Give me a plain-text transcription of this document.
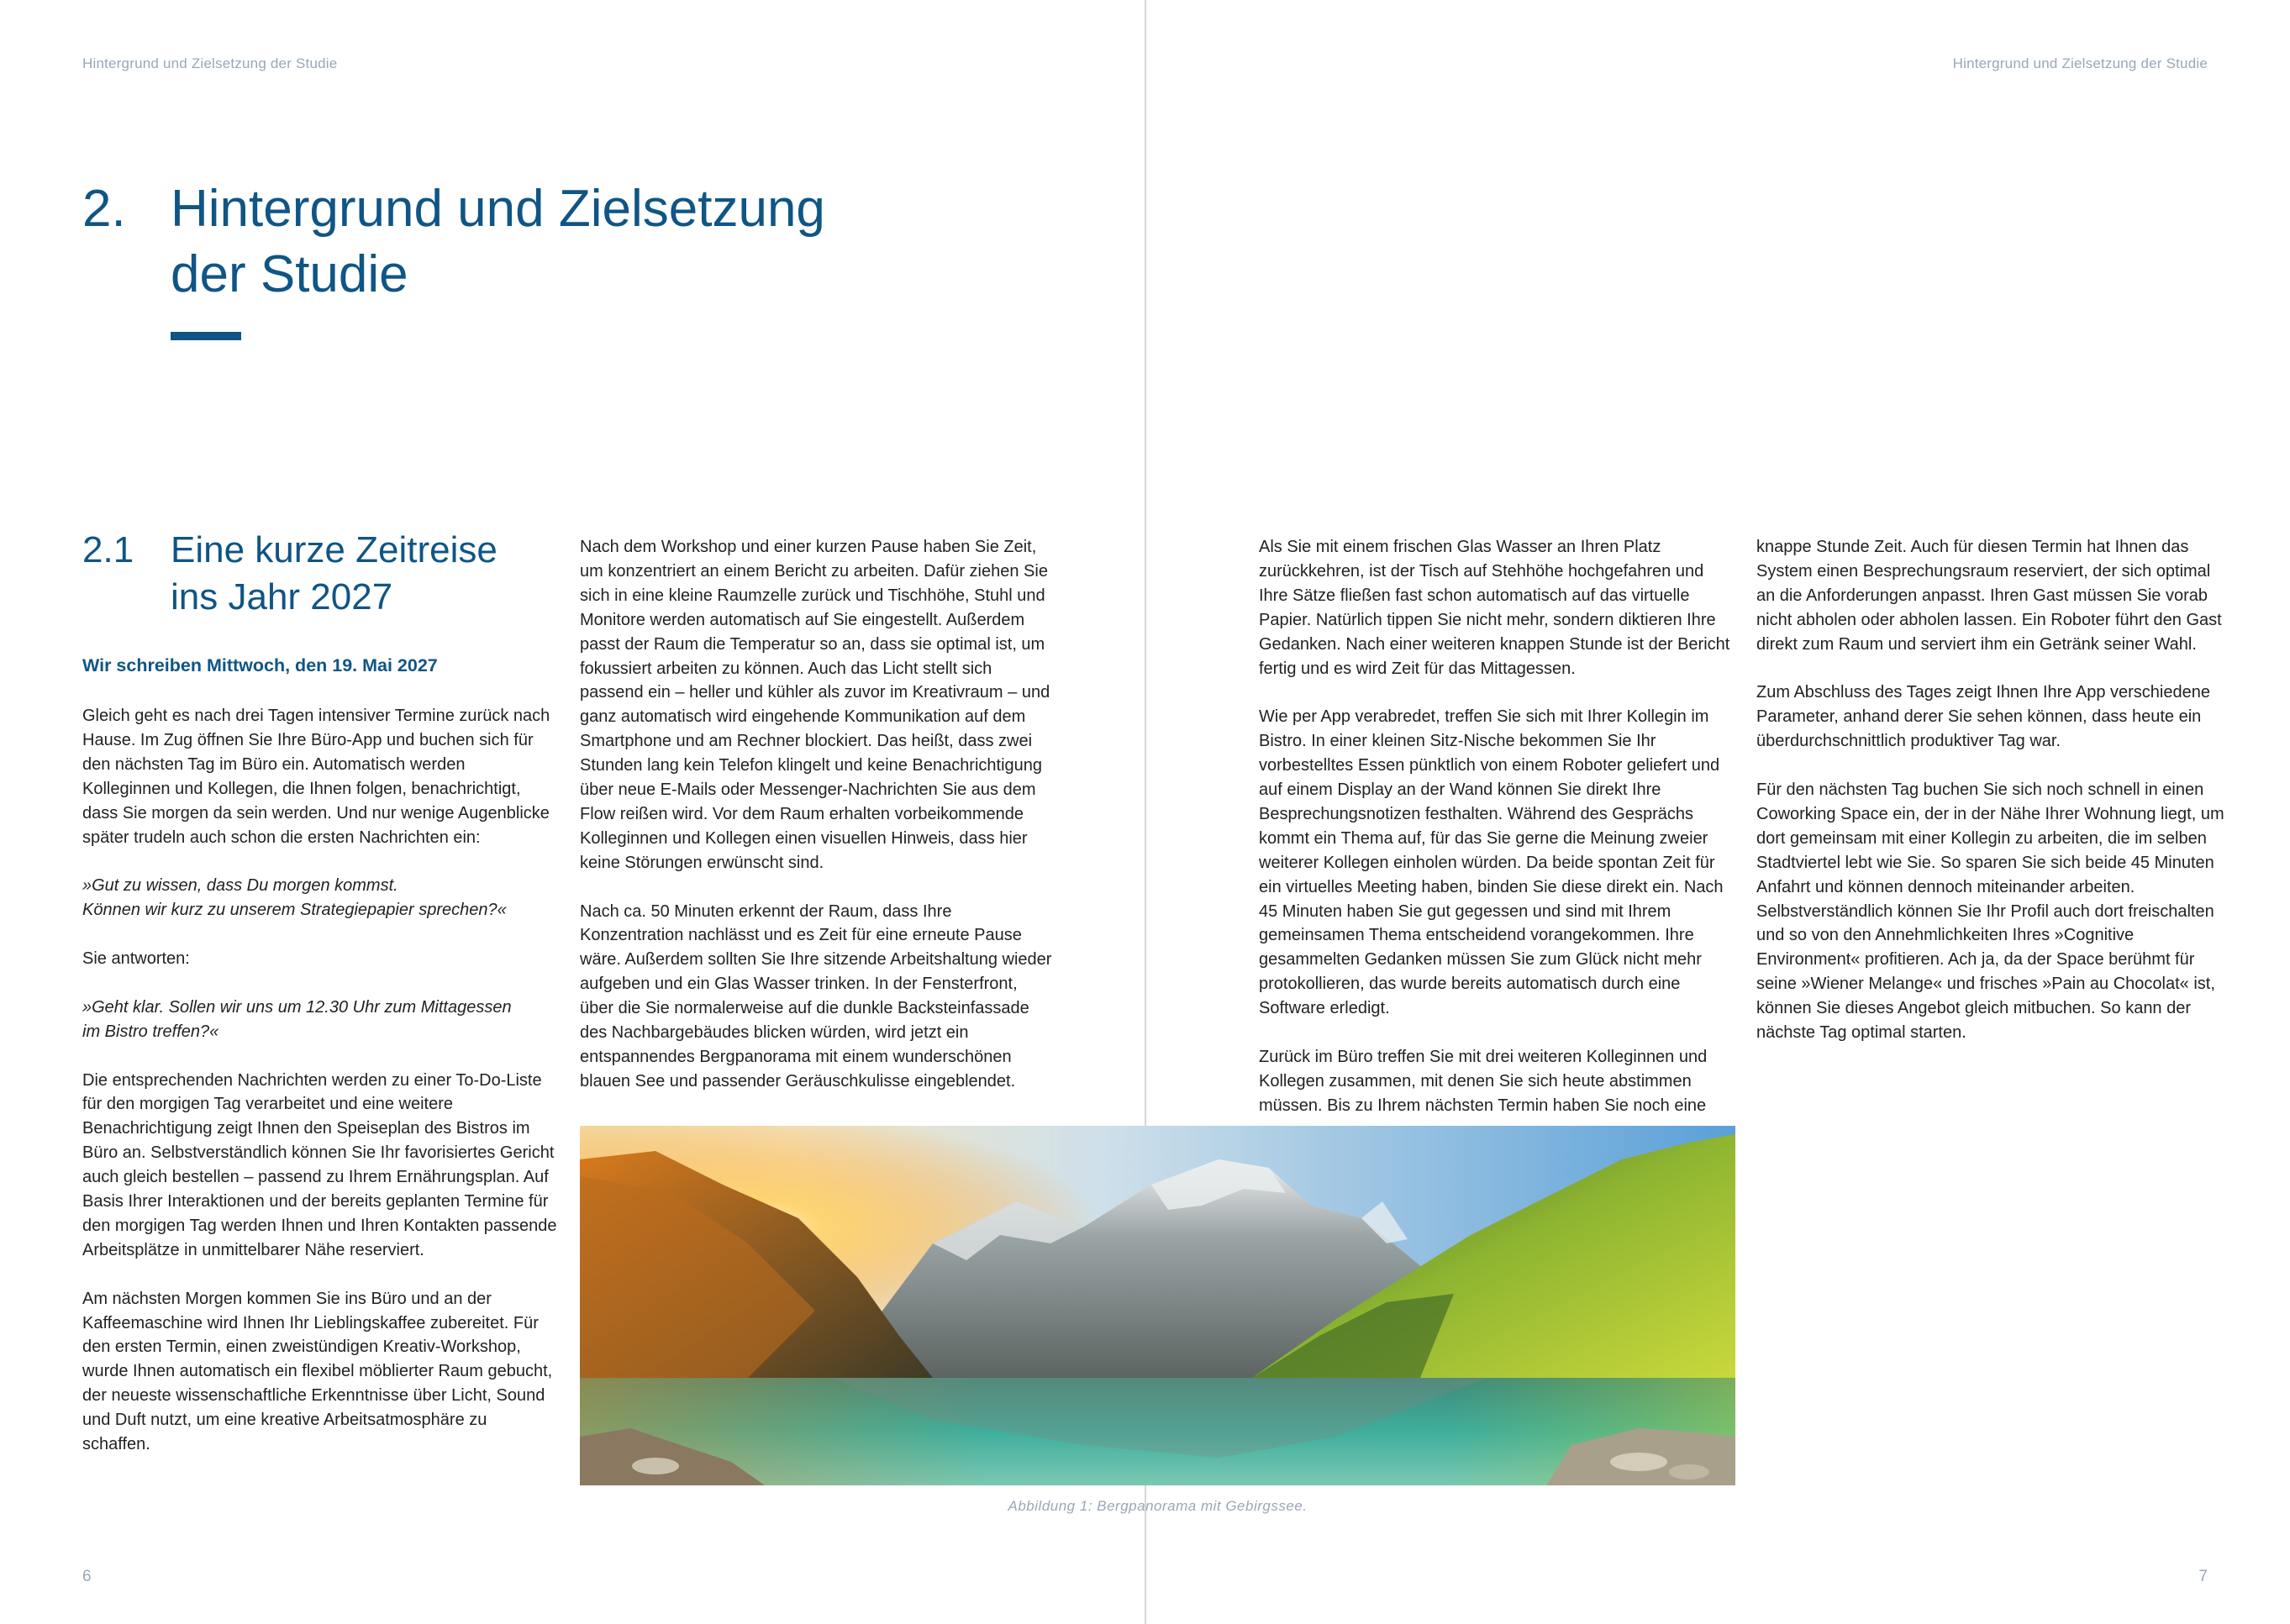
Hintergrund und Zielsetzung der Studie	Hintergrund und Zielsetzung der Studie
2. Hintergrund und Zielsetzung
der Studie
2.1 Eine kurze Zeitreise
ins Jahr 2027
Wir schreiben Mittwoch, den 19. Mai 2027

Gleich geht es nach drei Tagen intensiver Termine zurück nach Hause. Im Zug öffnen Sie Ihre Büro-App und buchen sich für den nächsten Tag im Büro ein. Automatisch werden Kolleginnen und Kollegen, die Ihnen folgen, benachrichtigt, dass Sie morgen da sein werden. Und nur wenige Augenblicke später trudeln auch schon die ersten Nachrichten ein:

»Gut zu wissen, dass Du morgen kommst.
Können wir kurz zu unserem Strategiepapier sprechen?«

Sie antworten:

»Geht klar. Sollen wir uns um 12.30 Uhr zum Mittagessen
im Bistro treffen?«

Die entsprechenden Nachrichten werden zu einer To-Do-Liste für den morgigen Tag verarbeitet und eine weitere Benachrichtigung zeigt Ihnen den Speiseplan des Bistros im Büro an. Selbstverständlich können Sie Ihr favorisiertes Gericht auch gleich bestellen – passend zu Ihrem Ernährungsplan. Auf Basis Ihrer Interaktionen und der bereits geplanten Termine für den morgigen Tag werden Ihnen und Ihren Kontakten passende Arbeitsplätze in unmittelbarer Nähe reserviert.

Am nächsten Morgen kommen Sie ins Büro und an der Kaffeemaschine wird Ihnen Ihr Lieblingskaffee zubereitet. Für den ersten Termin, einen zweistündigen Kreativ-Workshop, wurde Ihnen automatisch ein flexibel möblierter Raum gebucht, der neueste wissenschaftliche Erkenntnisse über Licht, Sound und Duft nutzt, um eine kreative Arbeitsatmosphäre zu schaffen.

Nach dem Workshop und einer kurzen Pause haben Sie Zeit, um konzentriert an einem Bericht zu arbeiten. Dafür ziehen Sie sich in eine kleine Raumzelle zurück und Tischhöhe, Stuhl und Monitore werden automatisch auf Sie eingestellt. Außerdem passt der Raum die Temperatur so an, dass sie optimal ist, um fokussiert arbeiten zu können. Auch das Licht stellt sich passend ein – heller und kühler als zuvor im Kreativraum – und ganz automatisch wird eingehende Kommunikation auf dem Smartphone und am Rechner blockiert. Das heißt, dass zwei Stunden lang kein Telefon klingelt und keine Benachrichtigung über neue E-Mails oder Messenger-Nachrichten Sie aus dem Flow reißen wird. Vor dem Raum erhalten vorbeikommende Kolleginnen und Kollegen einen visuellen Hinweis, dass hier keine Störungen erwünscht sind.

Nach ca. 50 Minuten erkennt der Raum, dass Ihre Konzentration nachlässt und es Zeit für eine erneute Pause wäre. Außerdem sollten Sie Ihre sitzende Arbeitshaltung wieder aufgeben und ein Glas Wasser trinken. In der Fensterfront, über die Sie normalerweise auf die dunkle Backsteinfassade des Nachbargebäudes blicken würden, wird jetzt ein entspannendes Bergpanorama mit einem wunderschönen blauen See und passender Geräuschkulisse eingeblendet.

Als Sie mit einem frischen Glas Wasser an Ihren Platz zurückkehren, ist der Tisch auf Stehhöhe hochgefahren und Ihre Sätze fließen fast schon automatisch auf das virtuelle Papier. Natürlich tippen Sie nicht mehr, sondern diktieren Ihre Gedanken. Nach einer weiteren knappen Stunde ist der Bericht fertig und es wird Zeit für das Mittagessen.

Wie per App verabredet, treffen Sie sich mit Ihrer Kollegin im Bistro. In einer kleinen Sitz-Nische bekommen Sie Ihr vorbestelltes Essen pünktlich von einem Roboter geliefert und auf einem Display an der Wand können Sie direkt Ihre Besprechungsnotizen festhalten. Während des Gesprächs kommt ein Thema auf, für das Sie gerne die Meinung zweier weiterer Kollegen einholen würden. Da beide spontan Zeit für ein virtuelles Meeting haben, binden Sie diese direkt ein. Nach 45 Minuten haben Sie gut gegessen und sind mit Ihrem gemeinsamen Thema entscheidend vorangekommen. Ihre gesammelten Gedanken müssen Sie zum Glück nicht mehr protokollieren, das wurde bereits automatisch durch eine Software erledigt.

Zurück im Büro treffen Sie mit drei weiteren Kolleginnen und Kollegen zusammen, mit denen Sie sich heute abstimmen müssen. Bis zu Ihrem nächsten Termin haben Sie noch eine

knappe Stunde Zeit. Auch für diesen Termin hat Ihnen das System einen Besprechungsraum reserviert, der sich optimal an die Anforderungen anpasst. Ihren Gast müssen Sie vorab nicht abholen oder abholen lassen. Ein Roboter führt den Gast direkt zum Raum und serviert ihm ein Getränk seiner Wahl.

Zum Abschluss des Tages zeigt Ihnen Ihre App verschiedene Parameter, anhand derer Sie sehen können, dass heute ein überdurchschnittlich produktiver Tag war.

Für den nächsten Tag buchen Sie sich noch schnell in einen Coworking Space ein, der in der Nähe Ihrer Wohnung liegt, um dort gemeinsam mit einer Kollegin zu arbeiten, die im selben Stadtviertel lebt wie Sie. So sparen Sie sich beide 45 Minuten Anfahrt und können dennoch miteinander arbeiten. Selbstverständlich können Sie Ihr Profil auch dort freischalten und so von den Annehmlichkeiten Ihres »Cognitive Environment« profitieren. Ach ja, da der Space berühmt für seine »Wiener Melange« und frisches »Pain au Chocolat« ist, können Sie dieses Angebot gleich mitbuchen. So kann der nächste Tag optimal starten.

Abbildung 1: Bergpanorama mit Gebirgssee.
6	7
